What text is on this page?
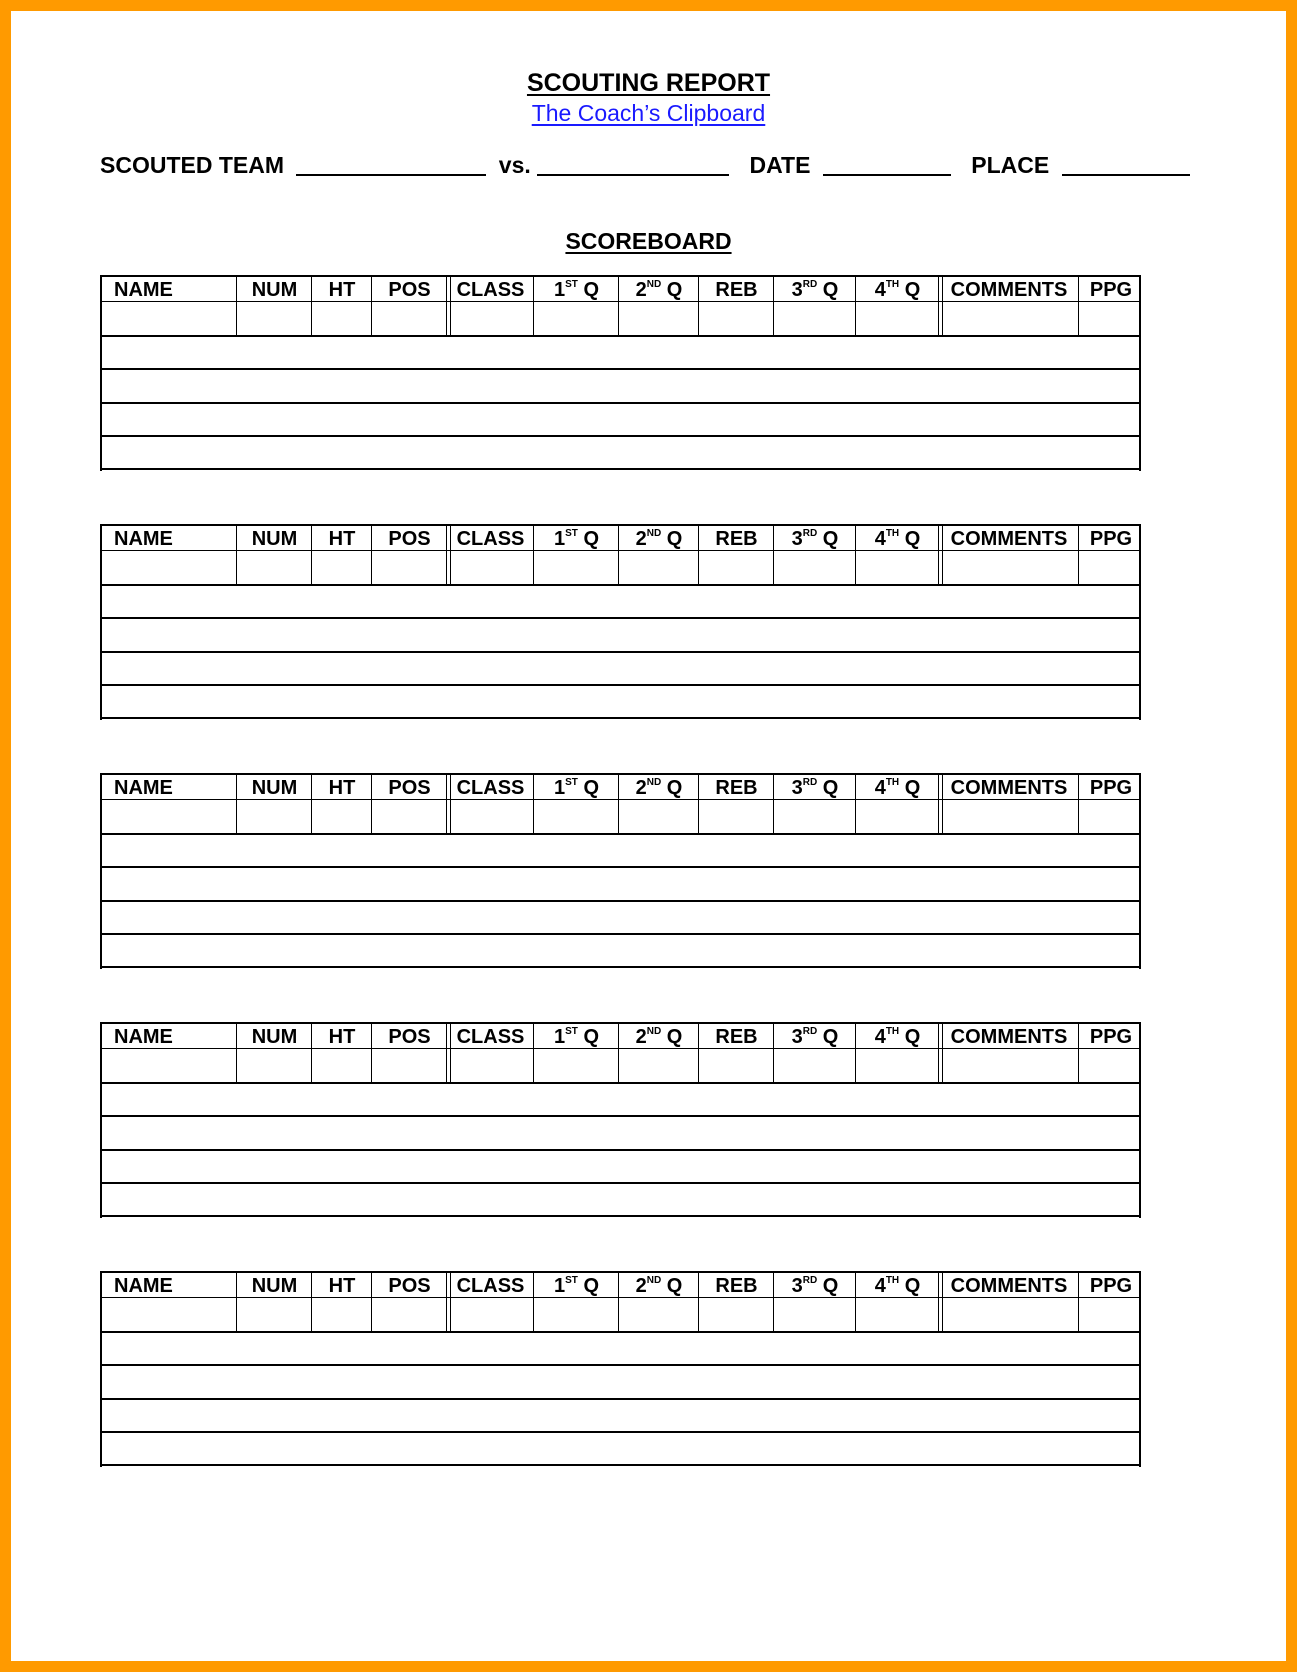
SCOUTING REPORT
The Coach’s Clipboard
SCOUTED TEAM	vs.	DATE	PLACE
SCOREBOARD
NAME	NUM	HT	POS	CLASS	1ST Q	2ND Q	REB	3RD Q	4TH Q	COMMENTS	PPG
NAME	NUM	HT	POS	CLASS	1ST Q	2ND Q	REB	3RD Q	4TH Q	COMMENTS	PPG
NAME	NUM	HT	POS	CLASS	1ST Q	2ND Q	REB	3RD Q	4TH Q	COMMENTS	PPG
NAME	NUM	HT	POS	CLASS	1ST Q	2ND Q	REB	3RD Q	4TH Q	COMMENTS	PPG
NAME	NUM	HT	POS	CLASS	1ST Q	2ND Q	REB	3RD Q	4TH Q	COMMENTS	PPG
